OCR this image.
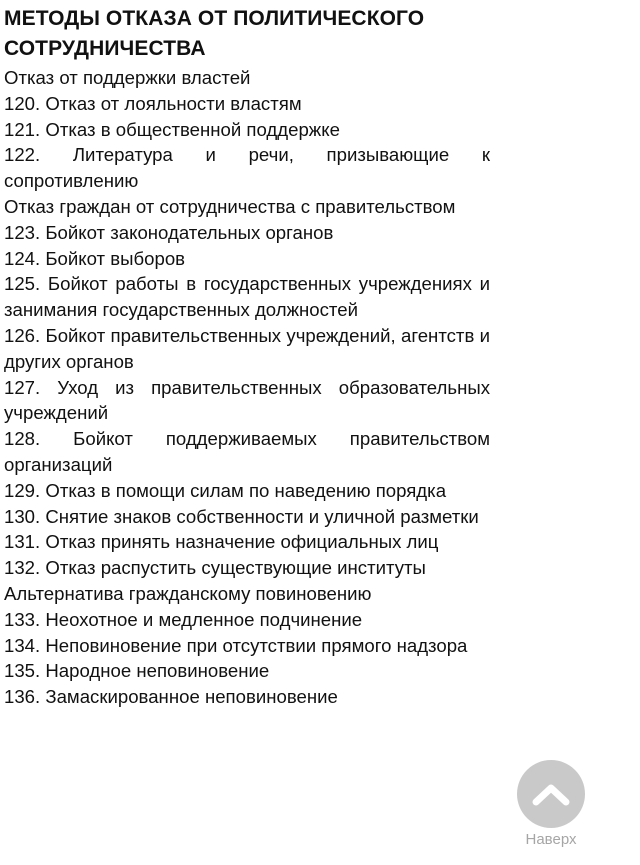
МЕТОДЫ ОТКАЗА ОТ ПОЛИТИЧЕСКОГО СОТРУДНИЧЕСТВА

Отказ от поддержки властей

120. Отказ от лояльности властям

121. Отказ в общественной поддержке

122. Литература и речи, призывающие к сопротивлению

Отказ граждан от сотрудничества с правительством

123. Бойкот законодательных органов

124. Бойкот выборов

125. Бойкот работы в государственных учреждениях и занимания государственных должностей

126. Бойкот правительственных учреждений, агентств и других органов

127. Уход из правительственных образовательных учреждений

128. Бойкот поддерживаемых правительством организаций

129. Отказ в помощи силам по наведению порядка

130. Снятие знаков собственности и уличной разметки

131. Отказ принять назначение официальных лиц

132. Отказ распустить существующие институты

Альтернатива гражданскому повиновению

133. Неохотное и медленное подчинение

134. Неповиновение при отсутствии прямого надзора

135. Народное неповиновение

136. Замаскированное неповиновение

Наверх
